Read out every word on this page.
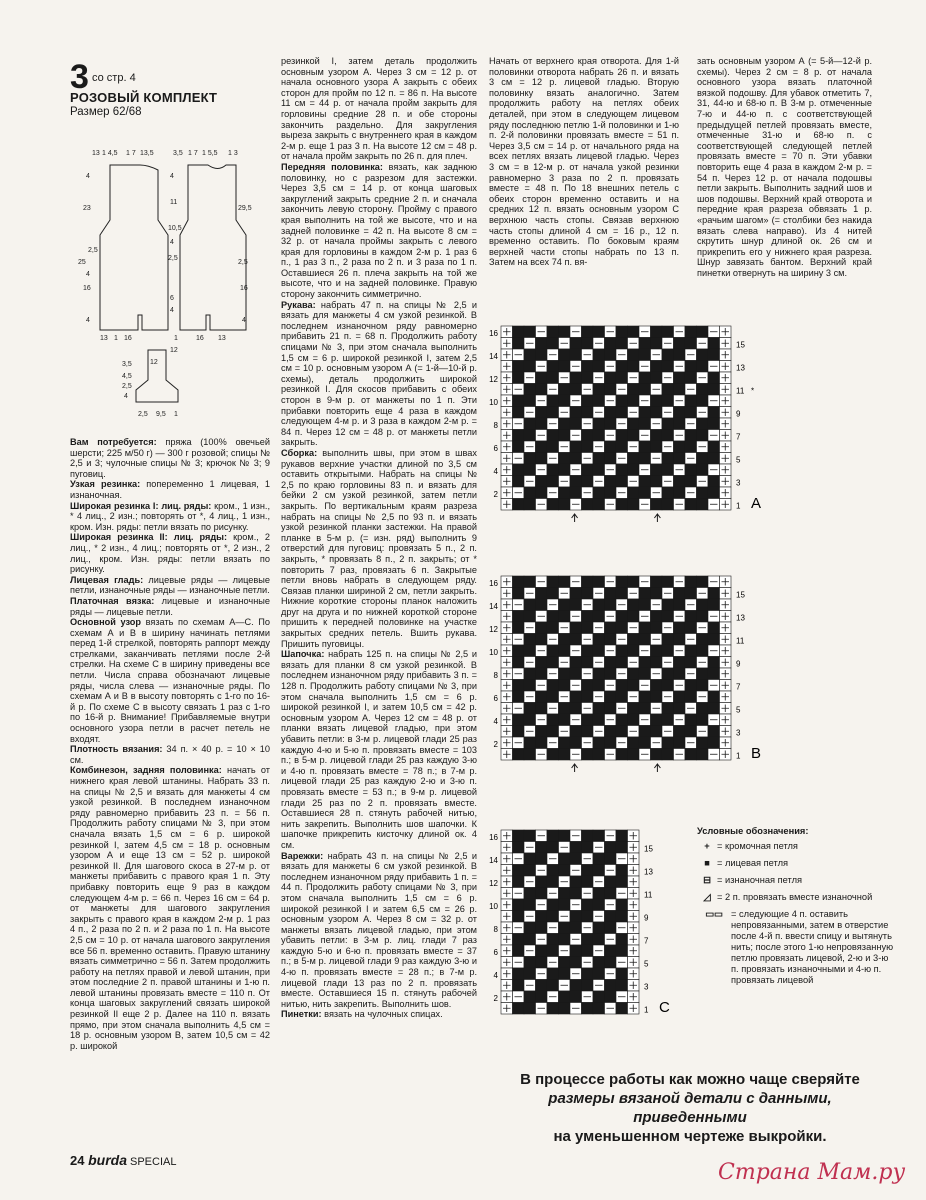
3 со стр. 4
РОЗОВЫЙ КОМПЛЕКТ
Размер 62/68
13 1 4,5 1 7 13,5	3,5 1 7 1 5,5 1 3
4
23
2,5
25
4
16
4
4
11
10,5
4
2,5
6
4
12
29,5
2,5
16
4
13 1 16	1	16 13
12
3,5
4,5
2,5
4
2,5 9,5 1

Вам потребуется: пряжа (100% овечьей шерсти; 225 м/50 г) — 300 г розовой; спицы № 2,5 и 3; чулочные спицы № 3; крючок № 3; 9 пуговиц.

Узкая резинка: попеременно 1 лицевая, 1 изнаночная.

Широкая резинка I: лиц. ряды: кром., 1 изн., * 4 лиц., 2 изн.; повторять от *, 4 лиц., 1 изн., кром. Изн. ряды: петли вязать по рисунку.

Широкая резинка II: лиц. ряды: кром., 2 лиц., * 2 изн., 4 лиц.; повторять от *, 2 изн., 2 лиц., кром. Изн. ряды: петли вязать по рисунку.

Лицевая гладь: лицевые ряды — лицевые петли, изнаночные ряды — изнаночные петли.

Платочная вязка: лицевые и изнаночные ряды — лицевые петли.

Основной узор вязать по схемам А—С. По схемам А и В в ширину начинать петлями перед 1-й стрелкой, повторять раппорт между стрелками, заканчивать петлями после 2-й стрелки. На схеме С в ширину приведены все петли. Числа справа обозначают лицевые ряды, числа слева — изнаночные ряды. По схемам А и В в высоту повторять с 1-го по 16-й р. По схеме С в высоту связать 1 раз с 1-го по 16-й р. Внимание! Прибавляемые внутри основного узора петли в расчет петель не входят.

Плотность вязания: 34 п. × 40 р. = 10 × 10 см.

Комбинезон, задняя половинка: начать от нижнего края левой штанины. Набрать 33 п. на спицы № 2,5 и вязать для манжеты 4 см узкой резинкой. В последнем изнаночном ряду равномерно прибавить 23 п. = 56 п. Продолжить работу спицами № 3, при этом сначала вязать 1,5 см = 6 р. широкой резинкой I, затем 4,5 см = 18 р. основным узором А и еще 13 см = 52 р. широкой резинкой II. Для шагового скоса в 27-м р. от манжеты прибавить с правого края 1 п. Эту прибавку повторить еще 9 раз в каждом следующем 4-м р. = 66 п. Через 16 см = 64 р. от манжеты для шагового закругления закрыть с правого края в каждом 2-м р. 1 раз 4 п., 2 раза по 2 п. и 2 раза по 1 п. На высоте 2,5 см = 10 р. от начала шагового закругления все 56 п. временно оставить. Правую штанину вязать симметрично = 56 п. Затем продолжить работу на петлях правой и левой штанин, при этом последние 2 п. правой штанины и 1-ю п. левой штанины провязать вместе = 110 п. От конца шаговых закруглений связать широкой резинкой II еще 2 р. Далее на 110 п. вязать прямо, при этом сначала выполнить 4,5 см = 18 р. основным узором В, затем 10,5 см = 42 р. широкой

резинкой I, затем деталь продолжить основным узором А. Через 3 см = 12 р. от начала основного узора А закрыть с обеих сторон для пройм по 12 п. = 86 п. На высоте 11 см = 44 р. от начала пройм закрыть для горловины средние 28 п. и обе стороны закончить раздельно. Для закругления выреза закрыть с внутреннего края в каждом 2-м р. еще 1 раз 3 п. На высоте 12 см = 48 р. от начала пройм закрыть по 26 п. для плеч.

Передняя половинка: вязать, как заднюю половинку, но с разрезом для застежки. Через 3,5 см = 14 р. от конца шаговых закруглений закрыть средние 2 п. и сначала закончить левую сторону. Пройму с правого края выполнить на той же высоте, что и на задней половинке = 42 п. На высоте 8 см = 32 р. от начала проймы закрыть с левого края для горловины в каждом 2-м р. 1 раз 6 п., 1 раз 3 п., 2 раза по 2 п. и 3 раза по 1 п. Оставшиеся 26 п. плеча закрыть на той же высоте, что и на задней половинке. Правую сторону закончить симметрично.

Рукава: набрать 47 п. на спицы № 2,5 и вязать для манжеты 4 см узкой резинкой. В последнем изнаночном ряду равномерно прибавить 21 п. = 68 п. Продолжить работу спицами № 3, при этом сначала выполнить 1,5 см = 6 р. широкой резинкой I, затем 2,5 см = 10 р. основным узором А (= 1-й—10-й р. схемы), деталь продолжить широкой резинкой I. Для скосов прибавить с обеих сторон в 9-м р. от манжеты по 1 п. Эти прибавки повторить еще 4 раза в каждом следующем 4-м р. и 3 раза в каждом 2-м р. = 84 п. Через 12 см = 48 р. от манжеты петли закрыть.

Сборка: выполнить швы, при этом в швах рукавов верхние участки длиной по 3,5 см оставить открытыми. Набрать на спицы № 2,5 по краю горловины 83 п. и вязать для бейки 2 см узкой резинкой, затем петли закрыть. По вертикальным краям разреза набрать на спицы № 2,5 по 93 п. и вязать узкой резинкой планки застежки. На правой планке в 5-м р. (= изн. ряд) выполнить 9 отверстий для пуговиц: провязать 5 п., 2 п. закрыть, * провязать 8 п., 2 п. закрыть; от * повторить 7 раз, провязать 6 п. Закрытые петли вновь набрать в следующем ряду. Связав планки шириной 2 см, петли закрыть. Нижние короткие стороны планок наложить друг на друга и по нижней короткой стороне пришить к передней половинке на участке закрытых средних петель. Вшить рукава. Пришить пуговицы.

Шапочка: набрать 125 п. на спицы № 2,5 и вязать для планки 8 см узкой резинкой. В последнем изнаночном ряду прибавить 3 п. = 128 п. Продолжить работу спицами № 3, при этом сначала выполнить 1,5 см = 6 р. широкой резинкой I, и затем 10,5 см = 42 р. основным узором А. Через 12 см = 48 р. от планки вязать лицевой гладью, при этом убавить петли: в 3-м р. лицевой глади 25 раз каждую 4-ю и 5-ю п. провязать вместе = 103 п.; в 5-м р. лицевой глади 25 раз каждую 3-ю и 4-ю п. провязать вместе = 78 п.; в 7-м р. лицевой глади 25 раз каждую 2-ю и 3-ю п. провязать вместе = 53 п.; в 9-м р. лицевой глади 25 раз по 2 п. провязать вместе. Оставшиеся 28 п. стянуть рабочей нитью, нить закрепить. Выполнить шов шапочки. К шапочке прикрепить кисточку длиной ок. 4 см.

Варежки: набрать 43 п. на спицы № 2,5 и вязать для манжеты 6 см узкой резинкой. В последнем изнаночном ряду прибавить 1 п. = 44 п. Продолжить работу спицами № 3, при этом сначала выполнить 1,5 см = 6 р. широкой резинкой I и затем 6,5 см = 26 р. основным узором А. Через 8 см = 32 р. от манжеты вязать лицевой гладью, при этом убавить петли: в 3-м р. лиц. глади 7 раз каждую 5-ю и 6-ю п. провязать вместе = 37 п.; в 5-м р. лицевой глади 9 раз каждую 3-ю и 4-ю п. провязать вместе = 28 п.; в 7-м р. лицевой глади 13 раз по 2 п. провязать вместе. Оставшиеся 15 п. стянуть рабочей нитью, нить закрепить. Выполнить шов.

Пинетки: вязать на чулочных спицах.

Начать от верхнего края отворота. Для 1-й половинки отворота набрать 26 п. и вязать 3 см = 12 р. лицевой гладью. Вторую половинку вязать аналогично. Затем продолжить работу на петлях обеих деталей, при этом в следующем лицевом ряду последнюю петлю 1-й половинки и 1-ю п. 2-й половинки провязать вместе = 51 п. Через 3,5 см = 14 р. от начального ряда на всех петлях вязать лицевой гладью. Через 3 см = в 12-м р. от начала узкой резинки равномерно 3 раза по 2 п. провязать вместе = 48 п. По 18 внешних петель с обеих сторон временно оставить и на средних 12 п. вязать основным узором С верхнюю часть стопы. Связав верхнюю часть стопы длиной 4 см = 16 р., 12 п. временно оставить. По боковым краям верхней части стопы набрать по 13 п. Затем на всех 74 п. вя-

зать основным узором А (= 5-й—12-й р. схемы). Через 2 см = 8 р. от начала основного узора вязать платочной вязкой подошву. Для убавок отметить 7, 31, 44-ю и 68-ю п. В 3-м р. отмеченные 7-ю и 44-ю п. с соответствующей предыдущей петлей провязать вместе, отмеченные 31-ю и 68-ю п. с соответствующей следующей петлей провязать вместе = 70 п. Эти убавки повторить еще 4 раза в каждом 2-м р. = 54 п. Через 12 р. от начала подошвы петли закрыть. Выполнить задний шов и шов подошвы. Верхний край отворота и передние края разреза обвязать 1 р. «рачьим шагом» (= столбики без накида вязать слева направо). Из 4 нитей скрутить шнур длиной ок. 26 см и прикрепить его у нижнего края разреза. Шнур завязать бантом. Верхний край пинетки отвернуть на ширину 3 см.

16
14
12
10
8
6
4
2
15
13
11
9
7
5
3
1 A
*
16
14
12
10
8
6
4
2
15
13
11
9
7
5
3
1 B
16
14
12
10
8
6
4
2
15
13
11
9
7
5
3
1 C
Условные обозначения:
+ = кромочная петля
■ = лицевая петля
⊟ = изнаночная петля
◿ = 2 п. провязать вместе изнаночной
▭▭ = следующие 4 п. оставить непровязанными, затем в отверстие после 4-й п. ввести спицу и вытянуть нить; после этого 1-ю непровязанную петлю провязать лицевой, 2-ю и 3-ю п. провязать изнаночными и 4-ю п. провязать лицевой
В процессе работы как можно чаще сверяйте
размеры вязаной детали с данными, приведенными
на уменьшенном чертеже выкройки.
24 burda SPECIAL	Страна Мам.ру
